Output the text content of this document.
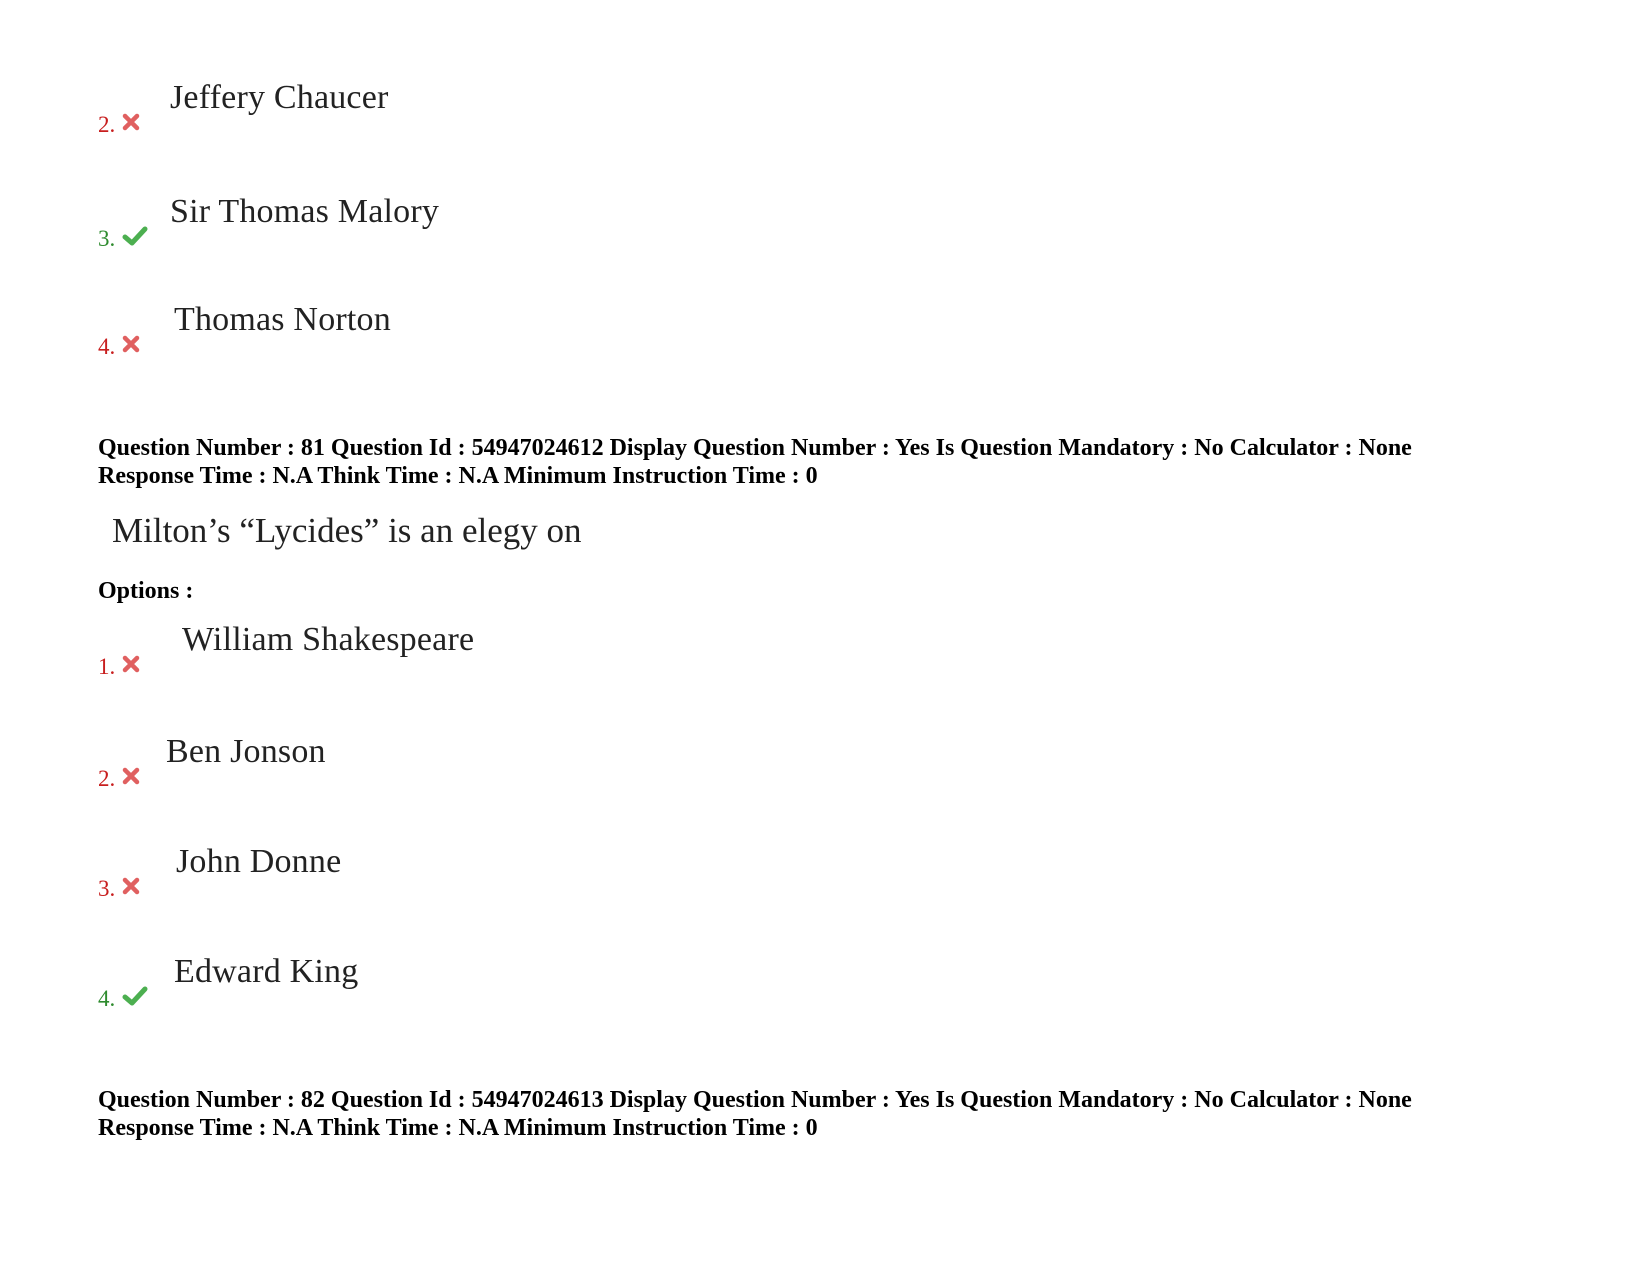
2.
Jeffery Chaucer
3.
Sir Thomas Malory
4.
Thomas Norton
Question Number : 81 Question Id : 54947024612 Display Question Number : Yes Is Question Mandatory : No Calculator : None
Response Time : N.A Think Time : N.A Minimum Instruction Time : 0
Milton’s “Lycides” is an elegy on
Options :
1.
William Shakespeare
2.
Ben Jonson
3.
John Donne
4.
Edward King
Question Number : 82 Question Id : 54947024613 Display Question Number : Yes Is Question Mandatory : No Calculator : None
Response Time : N.A Think Time : N.A Minimum Instruction Time : 0
